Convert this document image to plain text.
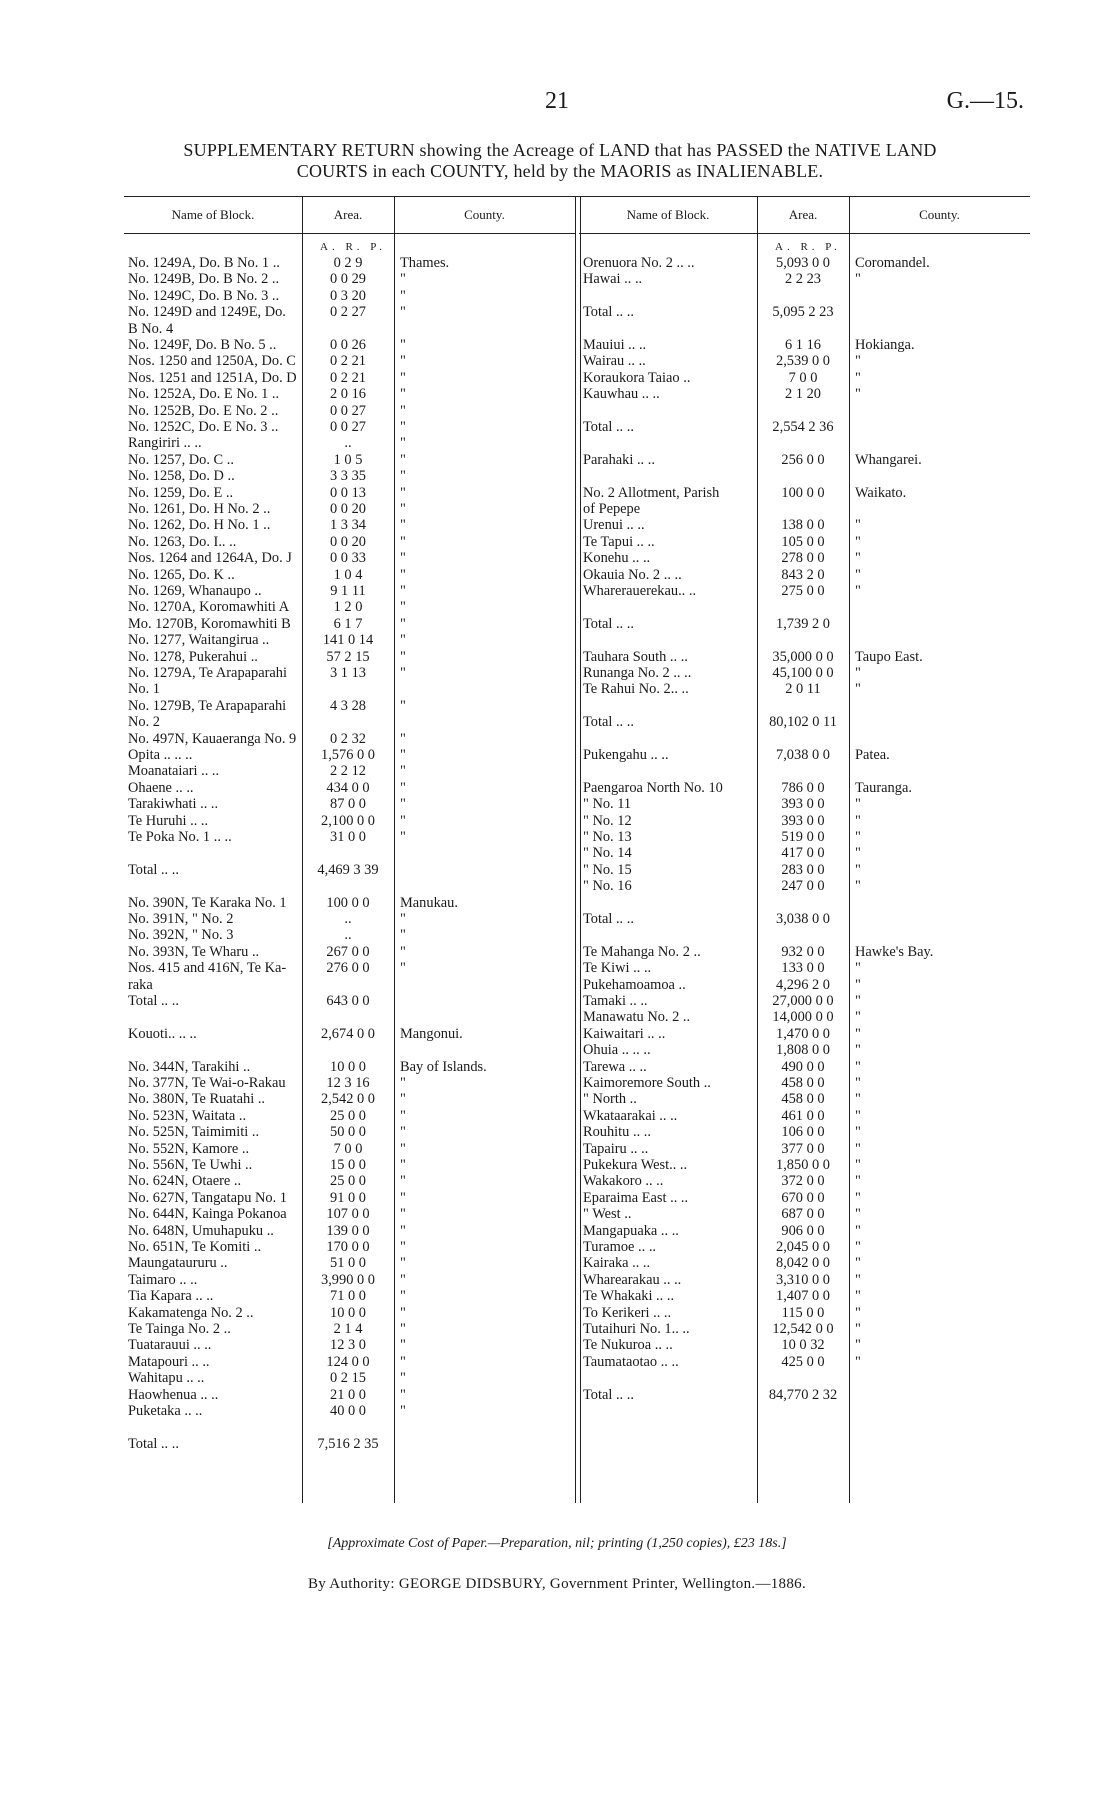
21	G.—15.
SUPPLEMENTARY RETURN showing the Acreage of LAND that has PASSED the NATIVE LAND
COURTS in each COUNTY, held by the MAORIS as INALIENABLE.
Name of Block.	Area.	County.
A. R. P.
No. 1249A, Do. B No. 1 ..	0 2 9	Thames.
No. 1249B, Do. B No. 2 ..	0 0 29	"
No. 1249C, Do. B No. 3 ..	0 3 20	"
No. 1249D and 1249E, Do.	0 2 27	"
B No. 4
No. 1249F, Do. B No. 5 ..	0 0 26	"
Nos. 1250 and 1250A, Do. C	0 2 21	"
Nos. 1251 and 1251A, Do. D	0 2 21	"
No. 1252A, Do. E No. 1 ..	2 0 16	"
No. 1252B, Do. E No. 2 ..	0 0 27	"
No. 1252C, Do. E No. 3 ..	0 0 27	"
Rangiriri .. ..	..	"
No. 1257, Do. C ..	1 0 5	"
No. 1258, Do. D ..	3 3 35	"
No. 1259, Do. E ..	0 0 13	"
No. 1261, Do. H No. 2 ..	0 0 20	"
No. 1262, Do. H No. 1 ..	1 3 34	"
No. 1263, Do. I.. ..	0 0 20	"
Nos. 1264 and 1264A, Do. J	0 0 33	"
No. 1265, Do. K ..	1 0 4	"
No. 1269, Whanaupo ..	9 1 11	"
No. 1270A, Koromawhiti A	1 2 0	"
Mo. 1270B, Koromawhiti B	6 1 7	"
No. 1277, Waitangirua ..	141 0 14	"
No. 1278, Pukerahui ..	57 2 15	"
No. 1279A, Te Arapaparahi	3 1 13	"
No. 1
No. 1279B, Te Arapaparahi	4 3 28	"
No. 2
No. 497N, Kauaeranga No. 9	0 2 32	"
Opita .. .. ..	1,576 0 0	"
Moanataiari .. ..	2 2 12	"
Ohaene .. ..	434 0 0	"
Tarakiwhati .. ..	87 0 0	"
Te Huruhi .. ..	2,100 0 0	"
Te Poka No. 1 .. ..	31 0 0	"
Total .. ..	4,469 3 39
No. 390N, Te Karaka No. 1	100 0 0	Manukau.
No. 391N, " No. 2	..	"
No. 392N, " No. 3	..	"
No. 393N, Te Wharu ..	267 0 0	"
Nos. 415 and 416N, Te Ka-	276 0 0	"
raka
Total .. ..	643 0 0
Kouoti.. .. ..	2,674 0 0	Mangonui.
No. 344N, Tarakihi ..	10 0 0	Bay of Islands.
No. 377N, Te Wai-o-Rakau	12 3 16	"
No. 380N, Te Ruatahi ..	2,542 0 0	"
No. 523N, Waitata ..	25 0 0	"
No. 525N, Taimimiti ..	50 0 0	"
No. 552N, Kamore ..	7 0 0	"
No. 556N, Te Uwhi ..	15 0 0	"
No. 624N, Otaere ..	25 0 0	"
No. 627N, Tangatapu No. 1	91 0 0	"
No. 644N, Kainga Pokanoa	107 0 0	"
No. 648N, Umuhapuku ..	139 0 0	"
No. 651N, Te Komiti ..	170 0 0	"
Maungataururu ..	51 0 0	"
Taimaro .. ..	3,990 0 0	"
Tia Kapara .. ..	71 0 0	"
Kakamatenga No. 2 ..	10 0 0	"
Te Tainga No. 2 ..	2 1 4	"
Tuatarauui .. ..	12 3 0	"
Matapouri .. ..	124 0 0	"
Wahitapu .. ..	0 2 15	"
Haowhenua .. ..	21 0 0	"
Puketaka .. ..	40 0 0	"
Total .. ..	7,516 2 35
Name of Block.	Area.	County.
A. R. P.
Orenuora No. 2 .. ..	5,093 0 0	Coromandel.
Hawai .. ..	2 2 23	"
Total .. ..	5,095 2 23
Mauiui .. ..	6 1 16	Hokianga.
Wairau .. ..	2,539 0 0	"
Koraukora Taiao ..	7 0 0	"
Kauwhau .. ..	2 1 20	"
Total .. ..	2,554 2 36
Parahaki .. ..	256 0 0	Whangarei.
No. 2 Allotment, Parish	100 0 0	Waikato.
of Pepepe
Urenui .. ..	138 0 0	"
Te Tapui .. ..	105 0 0	"
Konehu .. ..	278 0 0	"
Okauia No. 2 .. ..	843 2 0	"
Wharerauerekau.. ..	275 0 0	"
Total .. ..	1,739 2 0
Tauhara South .. ..	35,000 0 0	Taupo East.
Runanga No. 2 .. ..	45,100 0 0	"
Te Rahui No. 2.. ..	2 0 11	"
Total .. ..	80,102 0 11
Pukengahu .. ..	7,038 0 0	Patea.
Paengaroa North No. 10	786 0 0	Tauranga.
" No. 11	393 0 0	"
" No. 12	393 0 0	"
" No. 13	519 0 0	"
" No. 14	417 0 0	"
" No. 15	283 0 0	"
" No. 16	247 0 0	"
Total .. ..	3,038 0 0
Te Mahanga No. 2 ..	932 0 0	Hawke's Bay.
Te Kiwi .. ..	133 0 0	"
Pukehamoamoa ..	4,296 2 0	"
Tamaki .. ..	27,000 0 0	"
Manawatu No. 2 ..	14,000 0 0	"
Kaiwaitari .. ..	1,470 0 0	"
Ohuia .. .. ..	1,808 0 0	"
Tarewa .. ..	490 0 0	"
Kaimoremore South ..	458 0 0	"
" North ..	458 0 0	"
Wkataarakai .. ..	461 0 0	"
Rouhitu .. ..	106 0 0	"
Tapairu .. ..	377 0 0	"
Pukekura West.. ..	1,850 0 0	"
Wakakoro .. ..	372 0 0	"
Eparaima East .. ..	670 0 0	"
" West ..	687 0 0	"
Mangapuaka .. ..	906 0 0	"
Turamoe .. ..	2,045 0 0	"
Kairaka .. ..	8,042 0 0	"
Wharearakau .. ..	3,310 0 0	"
Te Whakaki .. ..	1,407 0 0	"
To Kerikeri .. ..	115 0 0	"
Tutaihuri No. 1.. ..	12,542 0 0	"
Te Nukuroa .. ..	10 0 32	"
Taumataotao .. ..	425 0 0	"
Total .. ..	84,770 2 32
[Approximate Cost of Paper.—Preparation, nil; printing (1,250 copies), £23 18s.]
By Authority: GEORGE DIDSBURY, Government Printer, Wellington.—1886.
